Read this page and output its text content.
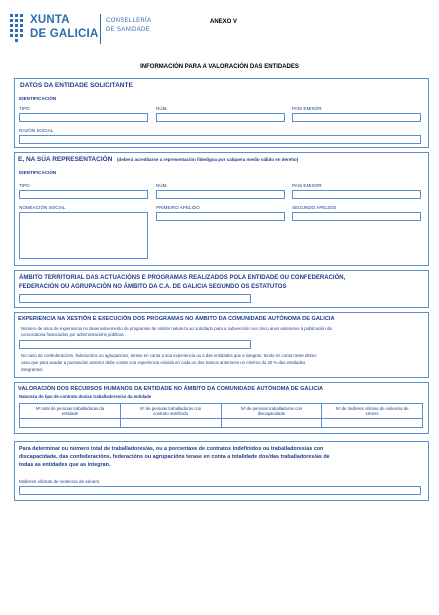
XUNTA
DE GALICIA
CONSELLERÍA
DE SANIDADE
ANEXO V
INFORMACIÓN PARA A VALORACIÓN DAS ENTIDADES
DATOS DA ENTIDADE SOLICITANTE
IDENTIFICACIÓN
TIPO	NÚM.	PAÍS EMISOR
RAZÓN SOCIAL
E, NA SÚA REPRESENTACIÓN (deberá acreditarse a representación fidedigna por calquera medio válido en dereito)
IDENTIFICACIÓN
TIPO	NÚM.	PAÍS EMISOR
NOMEACIÓN SOCIAL	PRIMEIRO APELIDO	SEGUNDO APELIDO
ÁMBITO TERRITORIAL DAS ACTUACIÓNS E PROGRAMAS REALIZADOS POLA ENTIDADE OU CONFEDERACIÓN,
FEDERACIÓN OU AGRUPACIÓN NO ÁMBITO DA C.A. DE GALICIA SEGUNDO OS ESTATUTOS
EXPERIENCIA NA XESTIÓN E EXECUCIÓN DOS PROGRAMAS NO ÁMBITO DA COMUNIDADE AUTÓNOMA DE GALICIA
Número de anos de experiencia no desenvolvemento de programas de similar natureza ao solicitado para a subvención nos cinco anos anteriores á publicación da
convocatoria financiados por administracións públicas
No caso de confederacións, federacións ou agrupacións, terase en conta a súa experiencia ou a das entidades que a integran, tendo en conta neste último
caso que para acadar a puntuación anterior debe contar coa experiencia exixida en cada un dos tramos anteriores un mínimo do 20 % das entidades
integrantes.
VALORACIÓN DOS RECURSOS HUMANOS DA ENTIDADE NO ÁMBITO DA COMUNIDADE AUTÓNOMA DE GALICIA
Natureza do tipo de contrato dos/as traballadores/as da entidade
Nº total de persoas traballadoras da
entidade	Nº de persoas traballadoras con
contrato indefinido	Nº de persoas traballadoras con
discapacidade	Nº de mulleres vítimas de violencia de
xénero

Para determinar ou número total de traballadores/as, ou a porcentaxe de contratos indefinidos ou traballadores/as con
discapacidade, das confederacións, federacións ou agrupacións terase en conta a totalidade dos/das traballadores/as de
todas as entidades que as integran.
Mulleres vítimas de violencia de xénero
